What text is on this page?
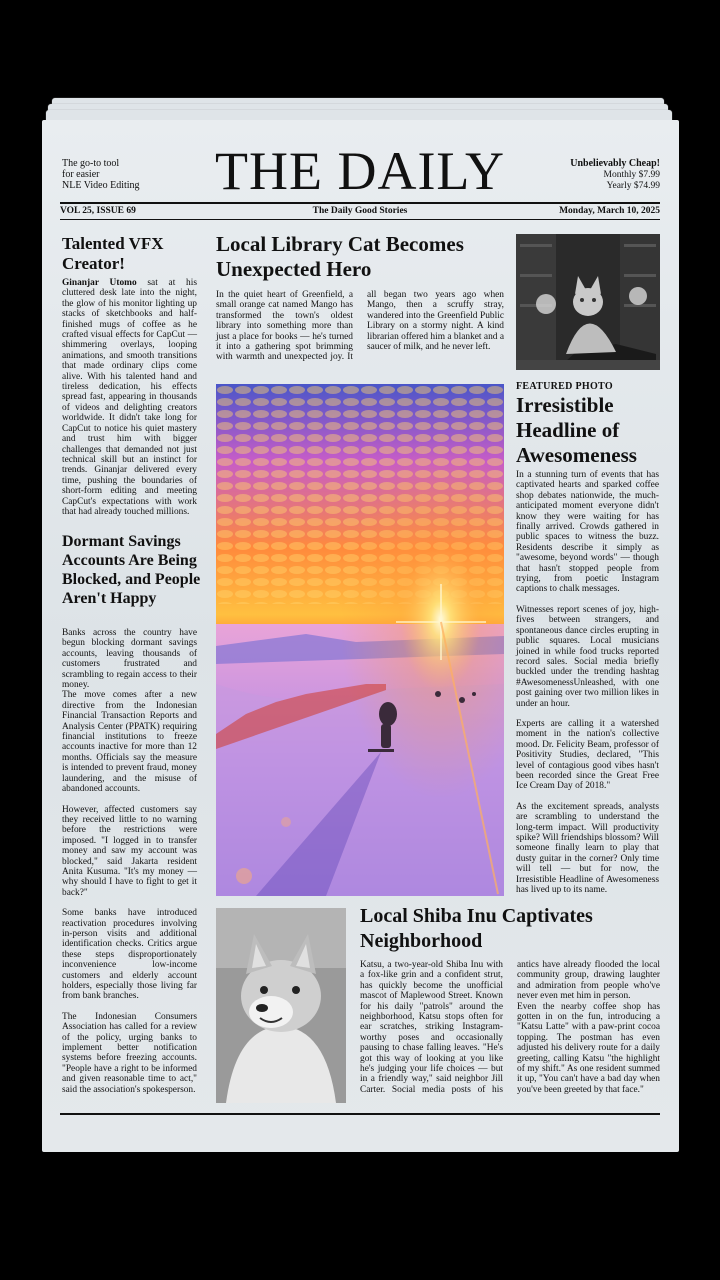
The go-to tool
for easier
NLE Video Editing	THE DAILY	Unbelievably Cheap!
Monthly $7.99
Yearly $74.99
The Daily Good Stories
VOL 25, ISSUE 69	Monday, March 10, 2025
Talented VFX Creator!

Ginanjar Utomo sat at his cluttered desk late into the night, the glow of his monitor lighting up stacks of sketchbooks and half-finished mugs of coffee as he crafted visual effects for CapCut — shimmering overlays, looping animations, and smooth transitions that made ordinary clips come alive. With his talented hand and tireless dedication, his effects spread fast, appearing in thousands of videos and delighting creators worldwide. It didn't take long for CapCut to notice his quiet mastery and trust him with bigger challenges that demanded not just technical skill but an instinct for trends. Ginanjar delivered every time, pushing the boundaries of short-form editing and meeting CapCut's expectations with work that had already touched millions.

Dormant Savings Accounts Are Being Blocked, and People Aren't Happy

Banks across the country have begun blocking dormant savings accounts, leaving thousands of customers frustrated and scrambling to regain access to their money.

The move comes after a new directive from the Indonesian Financial Transaction Reports and Analysis Center (PPATK) requiring financial institutions to freeze accounts inactive for more than 12 months. Officials say the measure is intended to prevent fraud, money laundering, and the misuse of abandoned accounts.

However, affected customers say they received little to no warning before the restrictions were imposed. "I logged in to transfer money and saw my account was blocked," said Jakarta resident Anita Kusuma. "It's my money — why should I have to fight to get it back?"

Some banks have introduced reactivation procedures involving in-person visits and additional identification checks. Critics argue these steps disproportionately inconvenience low-income customers and elderly account holders, especially those living far from bank branches.

The Indonesian Consumers Association has called for a review of the policy, urging banks to implement better notification systems before freezing accounts. "People have a right to be informed and given reasonable time to act," said the association's spokesperson.

Local Library Cat Becomes Unexpected Hero

In the quiet heart of Greenfield, a small orange cat named Mango has transformed the town's oldest library into something more than just a place for books — he's turned it into a gathering spot brimming with warmth and unexpected joy. It all began two years ago when Mango, then a scruffy stray, wandered into the Greenfield Public Library on a stormy night. A kind librarian offered him a blanket and a saucer of milk, and he never left.

FEATURED PHOTO
Irresistible Headline of Awesomeness

In a stunning turn of events that has captivated hearts and sparked coffee shop debates nationwide, the much-anticipated moment everyone didn't know they were waiting for has finally arrived. Crowds gathered in public spaces to witness the buzz. Residents describe it simply as "awesome, beyond words" — though that hasn't stopped people from trying, from poetic Instagram captions to chalk messages.

Witnesses report scenes of joy, high-fives between strangers, and spontaneous dance circles erupting in public squares. Local musicians joined in while food trucks reported record sales. Social media briefly buckled under the trending hashtag #AwesomenessUnleashed, with one post gaining over two million likes in under an hour.

Experts are calling it a watershed moment in the nation's collective mood. Dr. Felicity Beam, professor of Positivity Studies, declared, "This level of contagious good vibes hasn't been recorded since the Great Free Ice Cream Day of 2018."

As the excitement spreads, analysts are scrambling to understand the long-term impact. Will productivity spike? Will friendships blossom? Will someone finally learn to play that dusty guitar in the corner? Only time will tell — but for now, the Irresistible Headline of Awesomeness has lived up to its name.

Local Shiba Inu Captivates Neighborhood

Katsu, a two-year-old Shiba Inu with a fox-like grin and a confident strut, has quickly become the unofficial mascot of Maplewood Street. Known for his daily "patrols" around the neighborhood, Katsu stops often for ear scratches, striking Instagram-worthy poses and occasionally pausing to chase falling leaves. "He's got this way of looking at you like he's judging your life choices — but in a friendly way," said neighbor Jill Carter. Social media posts of his antics have already flooded the local community group, drawing laughter and admiration from people who've never even met him in person.

Even the nearby coffee shop has gotten in on the fun, introducing a "Katsu Latte" with a paw-print cocoa topping. The postman has even adjusted his delivery route for a daily greeting, calling Katsu "the highlight of my shift." As one resident summed it up, "You can't have a bad day when you've been greeted by that face."
